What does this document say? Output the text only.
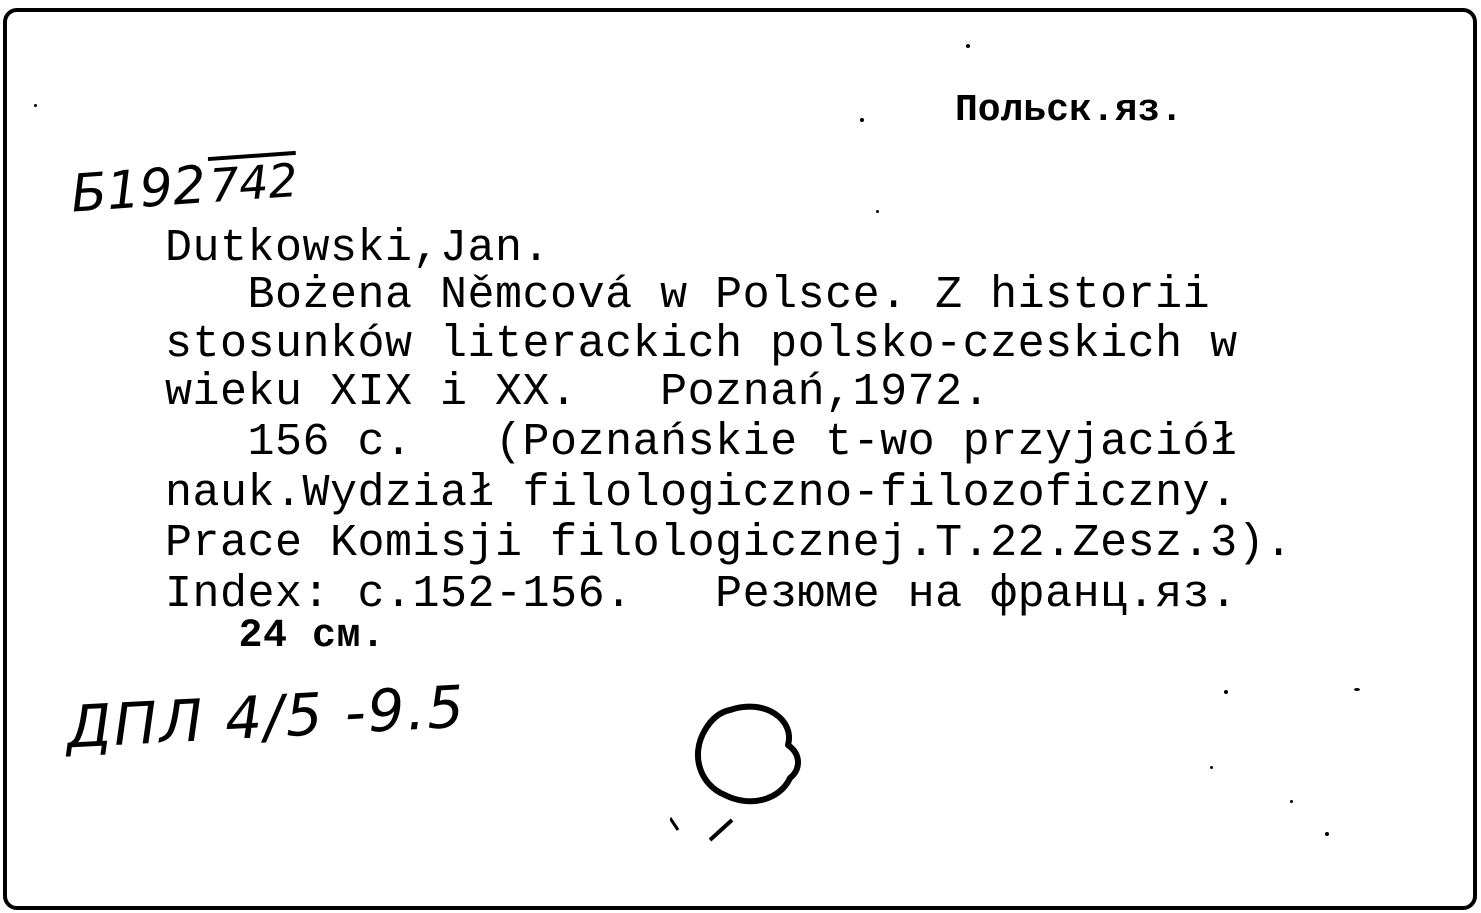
Б192742

Польск.яз.
Dutkowski,Jan.
Bożena Němcová w Polsce. Z historii
stosunków literackich polsko-czeskich w
wieku XIX i XX.   Poznań,1972.
156 c.   (Poznańskie t-wo przyjaciół
nauk.Wydział filologiczno-filozoficzny.
Prace Komisji filologicznej.T.22.Zesz.3).
Index: c.152-156.   Резюме на франц.яз.
24 см.
ДПЛ 4/5 -9.5
